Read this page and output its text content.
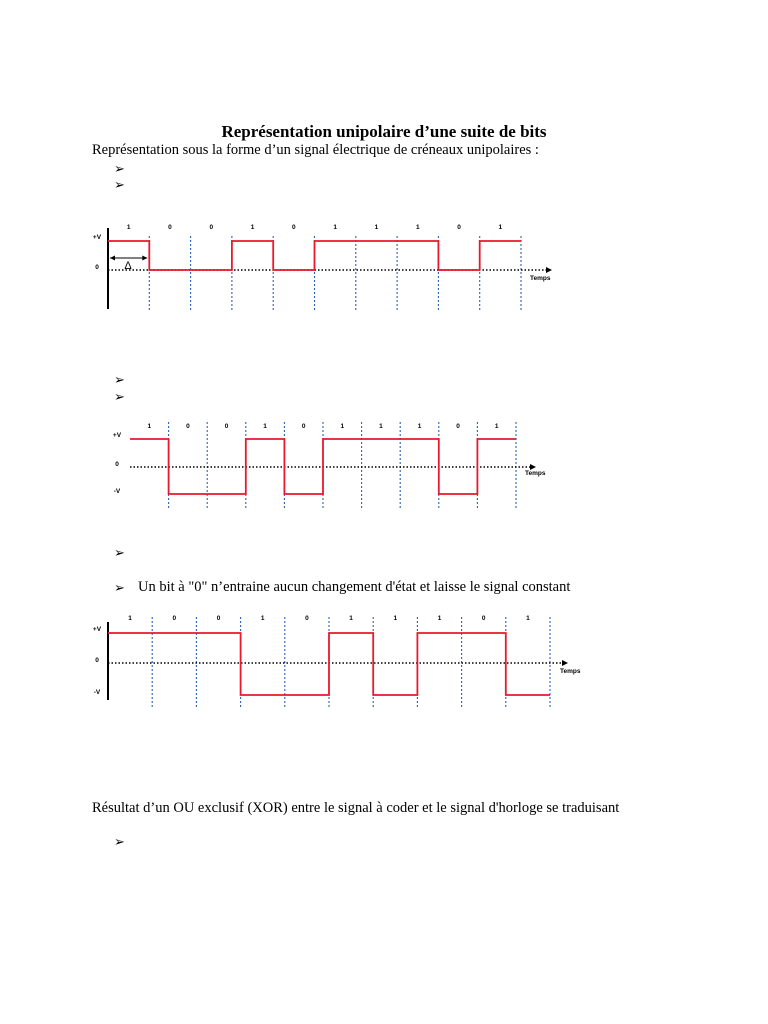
Représentation unipolaire d’une suite de bits
Représentation sous la forme d’un signal électrique de créneaux unipolaires :
➢
➢
1	0	0	1	0	1	1	1	0	1
+V
0
Temps
Δ
1	0	0	1	0	1	1	1	0	1
+V
0
-V
Temps
1	0	0	1	0	1	1	1	0	1
+V
0
-V
Temps
➢
➢
➢
➢ Un bit à "0" n’entraine aucun changement d'état et laisse le signal constant
Résultat d’un OU exclusif (XOR) entre le signal à coder et le signal d'horloge se traduisant
➢
